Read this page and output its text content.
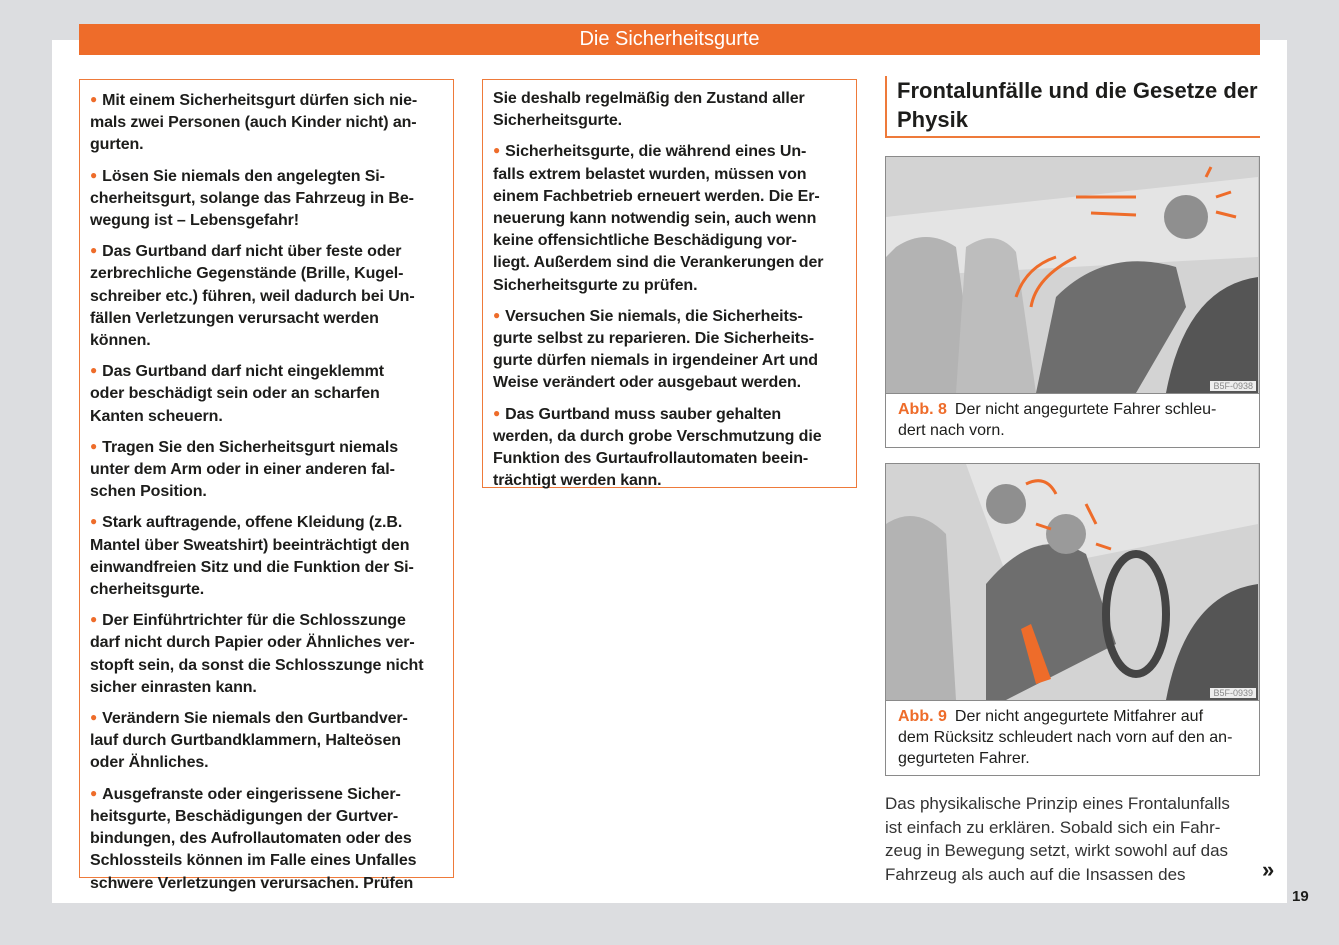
Die Sicherheitsgurte
● Mit einem Sicherheitsgurt dürfen sich nie-
mals zwei Personen (auch Kinder nicht) an-
gurten.
● Lösen Sie niemals den angelegten Si-
cherheitsgurt, solange das Fahrzeug in Be-
wegung ist – Lebensgefahr!
● Das Gurtband darf nicht über feste oder
zerbrechliche Gegenstände (Brille, Kugel-
schreiber etc.) führen, weil dadurch bei Un-
fällen Verletzungen verursacht werden
können.
● Das Gurtband darf nicht eingeklemmt
oder beschädigt sein oder an scharfen
Kanten scheuern.
● Tragen Sie den Sicherheitsgurt niemals
unter dem Arm oder in einer anderen fal-
schen Position.
● Stark auftragende, offene Kleidung (z.B.
Mantel über Sweatshirt) beeinträchtigt den
einwandfreien Sitz und die Funktion der Si-
cherheitsgurte.
● Der Einführtrichter für die Schlosszunge
darf nicht durch Papier oder Ähnliches ver-
stopft sein, da sonst die Schlosszunge nicht
sicher einrasten kann.
● Verändern Sie niemals den Gurtbandver-
lauf durch Gurtbandklammern, Halteösen
oder Ähnliches.
● Ausgefranste oder eingerissene Sicher-
heitsgurte, Beschädigungen der Gurtver-
bindungen, des Aufrollautomaten oder des
Schlossteils können im Falle eines Unfalles
schwere Verletzungen verursachen. Prüfen
Sie deshalb regelmäßig den Zustand aller
Sicherheitsgurte.
● Sicherheitsgurte, die während eines Un-
falls extrem belastet wurden, müssen von
einem Fachbetrieb erneuert werden. Die Er-
neuerung kann notwendig sein, auch wenn
keine offensichtliche Beschädigung vor-
liegt. Außerdem sind die Verankerungen der
Sicherheitsgurte zu prüfen.
● Versuchen Sie niemals, die Sicherheits-
gurte selbst zu reparieren. Die Sicherheits-
gurte dürfen niemals in irgendeiner Art und
Weise verändert oder ausgebaut werden.
● Das Gurtband muss sauber gehalten
werden, da durch grobe Verschmutzung die
Funktion des Gurtaufrollautomaten beein-
trächtigt werden kann.
Frontalunfälle und die Gesetze der
Physik
B5F-0938
Abb. 8 Der nicht angegurtete Fahrer schleu-
dert nach vorn.
B5F-0939
Abb. 9 Der nicht angegurtete Mitfahrer auf
dem Rücksitz schleudert nach vorn auf den an-
gegurteten Fahrer.
Das physikalische Prinzip eines Frontalunfalls
ist einfach zu erklären. Sobald sich ein Fahr-
zeug in Bewegung setzt, wirkt sowohl auf das
Fahrzeug als auch auf die Insassen des	»
19
